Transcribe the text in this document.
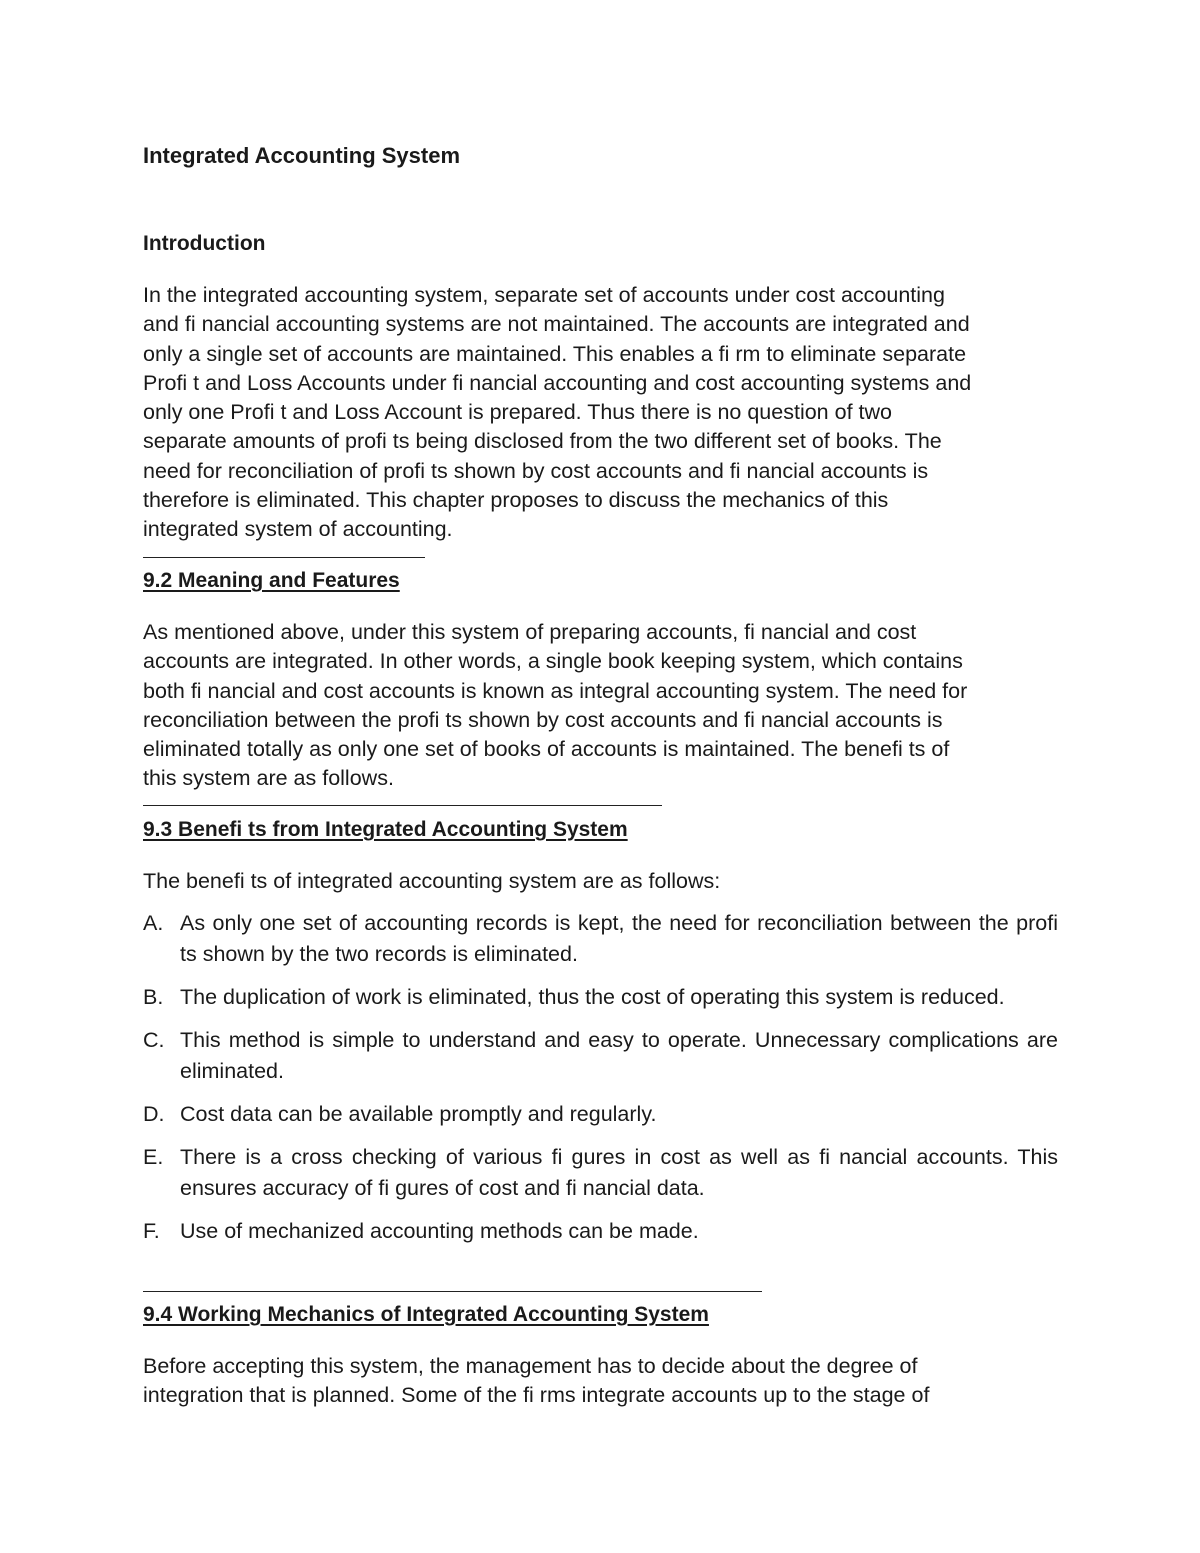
Integrated Accounting System
Introduction

In the integrated accounting system, separate set of accounts under cost accounting
and fi nancial accounting systems are not maintained. The accounts are integrated and
only a single set of accounts are maintained. This enables a fi rm to eliminate separate
Profi t and Loss Accounts under fi nancial accounting and cost accounting systems and
only one Profi t and Loss Account is prepared. Thus there is no question of two
separate amounts of profi ts being disclosed from the two different set of books. The
need for reconciliation of profi ts shown by cost accounts and fi nancial accounts is
therefore is eliminated. This chapter proposes to discuss the mechanics of this
integrated system of accounting.

9.2 Meaning and Features

As mentioned above, under this system of preparing accounts, fi nancial and cost
accounts are integrated. In other words, a single book keeping system, which contains
both fi nancial and cost accounts is known as integral accounting system. The need for
reconciliation between the profi ts shown by cost accounts and fi nancial accounts is
eliminated totally as only one set of books of accounts is maintained. The benefi ts of
this system are as follows.

9.3 Benefi ts from Integrated Accounting System

The benefi ts of integrated accounting system are as follows:

A. As only one set of accounting records is kept, the need for reconciliation between the profi ts shown by the two records is eliminated.
B. The duplication of work is eliminated, thus the cost of operating this system is reduced.
C. This method is simple to understand and easy to operate. Unnecessary complications are eliminated.
D. Cost data can be available promptly and regularly.
E. There is a cross checking of various fi gures in cost as well as fi nancial accounts. This ensures accuracy of fi gures of cost and fi nancial data.
F. Use of mechanized accounting methods can be made.
9.4 Working Mechanics of Integrated Accounting System

Before accepting this system, the management has to decide about the degree of
integration that is planned. Some of the fi rms integrate accounts up to the stage of
